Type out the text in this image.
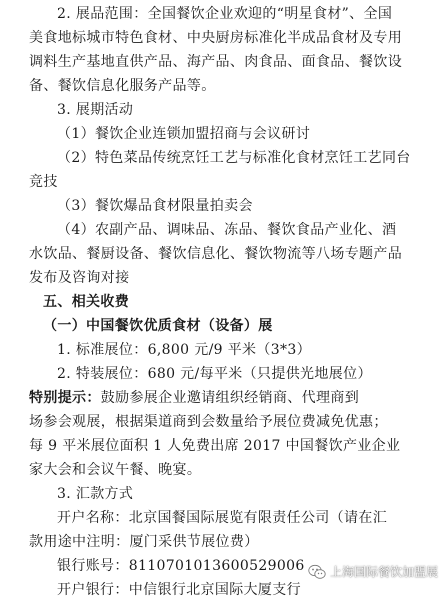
2. 展品范围：全国餐饮企业欢迎的“明星食材”、全国
美食地标城市特色食材、中央厨房标准化半成品食材及专用
调料生产基地直供产品、海产品、肉食品、面食品、餐饮设
备、餐饮信息化服务产品等。
3. 展期活动
（1）餐饮企业连锁加盟招商与会议研讨
（2）特色菜品传统烹饪工艺与标准化食材烹饪工艺同台
竞技
（3）餐饮爆品食材限量拍卖会
（4）农副产品、调味品、冻品、餐饮食品产业化、酒
水饮品、餐厨设备、餐饮信息化、餐饮物流等八场专题产品
发布及咨询对接
五、相关收费
（一）中国餐饮优质食材（设备）展
1. 标准展位：6,800 元/9 平米（3*3）
2. 特装展位：680 元/每平米（只提供光地展位）
特别提示：鼓励参展企业邀请组织经销商、代理商到
场参会观展，根据渠道商到会数量给予展位费减免优惠；
每 9 平米展位面积 1 人免费出席 2017 中国餐饮产业企业
家大会和会议午餐、晚宴。
3. 汇款方式
开户名称：北京国餐国际展览有限责任公司（请在汇
款用途中注明：厦门采供节展位费）
银行账号：8110701013600529006
开户银行：中信银行北京国际大厦支行
上海国际餐饮加盟展
